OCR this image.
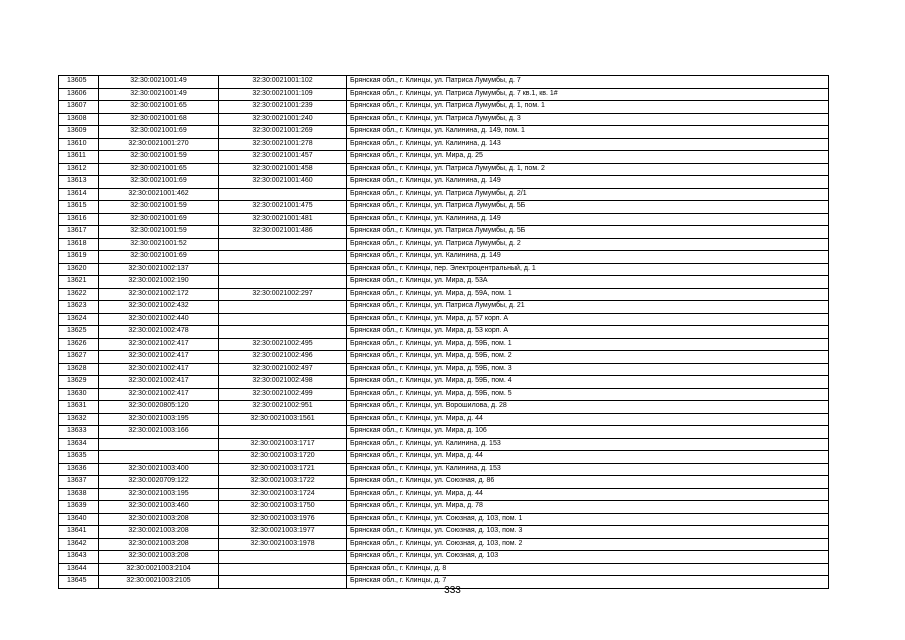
13605	32:30:0021001:49	32:30:0021001:102	Брянская обл., г. Клинцы, ул. Патриса Лумумбы, д. 7
13606	32:30:0021001:49	32:30:0021001:109	Брянская обл., г. Клинцы, ул. Патриса Лумумбы, д. 7 кв.1, кв. 1#
13607	32:30:0021001:65	32:30:0021001:239	Брянская обл., г. Клинцы, ул. Патриса Лумумбы, д. 1, пом. 1
13608	32:30:0021001:68	32:30:0021001:240	Брянская обл., г. Клинцы, ул. Патриса Лумумбы, д. 3
13609	32:30:0021001:69	32:30:0021001:269	Брянская обл., г. Клинцы, ул. Калинина, д. 149, пом. 1
13610	32:30:0021001:270	32:30:0021001:278	Брянская обл., г. Клинцы, ул. Калинина, д. 143
13611	32:30:0021001:59	32:30:0021001:457	Брянская обл., г. Клинцы, ул. Мира, д. 25
13612	32:30:0021001:65	32:30:0021001:458	Брянская обл., г. Клинцы, ул. Патриса Лумумбы, д. 1, пом. 2
13613	32:30:0021001:69	32:30:0021001:460	Брянская обл., г. Клинцы, ул. Калинина, д. 149
13614	32:30:0021001:462		Брянская обл., г. Клинцы, ул. Патриса Лумумбы, д. 2/1
13615	32:30:0021001:59	32:30:0021001:475	Брянская обл., г. Клинцы, ул. Патриса Лумумбы, д. 5Б
13616	32:30:0021001:69	32:30:0021001:481	Брянская обл., г. Клинцы, ул. Калинина, д. 149
13617	32:30:0021001:59	32:30:0021001:486	Брянская обл., г. Клинцы, ул. Патриса Лумумбы, д. 5Б
13618	32:30:0021001:52		Брянская обл., г. Клинцы, ул. Патриса Лумумбы, д. 2
13619	32:30:0021001:69		Брянская обл., г. Клинцы, ул. Калинина, д. 149
13620	32:30:0021002:137		Брянская обл., г. Клинцы, пер. Электроцентральный, д. 1
13621	32:30:0021002:190		Брянская обл., г. Клинцы, ул. Мира, д. 53А
13622	32:30:0021002:172	32:30:0021002:297	Брянская обл., г. Клинцы, ул. Мира, д. 59А, пом. 1
13623	32:30:0021002:432		Брянская обл., г. Клинцы, ул. Патриса Лумумбы, д. 21
13624	32:30:0021002:440		Брянская обл., г. Клинцы, ул. Мира, д. 57 корп. А
13625	32:30:0021002:478		Брянская обл., г. Клинцы, ул. Мира, д. 53 корп. А
13626	32:30:0021002:417	32:30:0021002:495	Брянская обл., г. Клинцы, ул. Мира, д. 59Б, пом. 1
13627	32:30:0021002:417	32:30:0021002:496	Брянская обл., г. Клинцы, ул. Мира, д. 59Б, пом. 2
13628	32:30:0021002:417	32:30:0021002:497	Брянская обл., г. Клинцы, ул. Мира, д. 59Б, пом. 3
13629	32:30:0021002:417	32:30:0021002:498	Брянская обл., г. Клинцы, ул. Мира, д. 59Б, пом. 4
13630	32:30:0021002:417	32:30:0021002:499	Брянская обл., г. Клинцы, ул. Мира, д. 59Б, пом. 5
13631	32:30:0020805:120	32:30:0021002:951	Брянская обл., г. Клинцы, ул. Ворошилова, д. 28
13632	32:30:0021003:195	32:30:0021003:1561	Брянская обл., г. Клинцы, ул. Мира, д. 44
13633	32:30:0021003:166		Брянская обл., г. Клинцы, ул. Мира, д. 106
13634		32:30:0021003:1717	Брянская обл., г. Клинцы, ул. Калинина, д. 153
13635		32:30:0021003:1720	Брянская обл., г. Клинцы, ул. Мира, д. 44
13636	32:30:0021003:400	32:30:0021003:1721	Брянская обл., г. Клинцы, ул. Калинина, д. 153
13637	32:30:0020709:122	32:30:0021003:1722	Брянская обл., г. Клинцы, ул. Союзная, д. 86
13638	32:30:0021003:195	32:30:0021003:1724	Брянская обл., г. Клинцы, ул. Мира, д. 44
13639	32:30:0021003:460	32:30:0021003:1750	Брянская обл., г. Клинцы, ул. Мира, д. 78
13640	32:30:0021003:208	32:30:0021003:1976	Брянская обл., г. Клинцы, ул. Союзная, д. 103, пом. 1
13641	32:30:0021003:208	32:30:0021003:1977	Брянская обл., г. Клинцы, ул. Союзная, д. 103, пом. 3
13642	32:30:0021003:208	32:30:0021003:1978	Брянская обл., г. Клинцы, ул. Союзная, д. 103, пом. 2
13643	32:30:0021003:208		Брянская обл., г. Клинцы, ул. Союзная, д. 103
13644	32:30:0021003:2104		Брянская обл., г. Клинцы, д. 8
13645	32:30:0021003:2105		Брянская обл., г. Клинцы, д. 7
333
